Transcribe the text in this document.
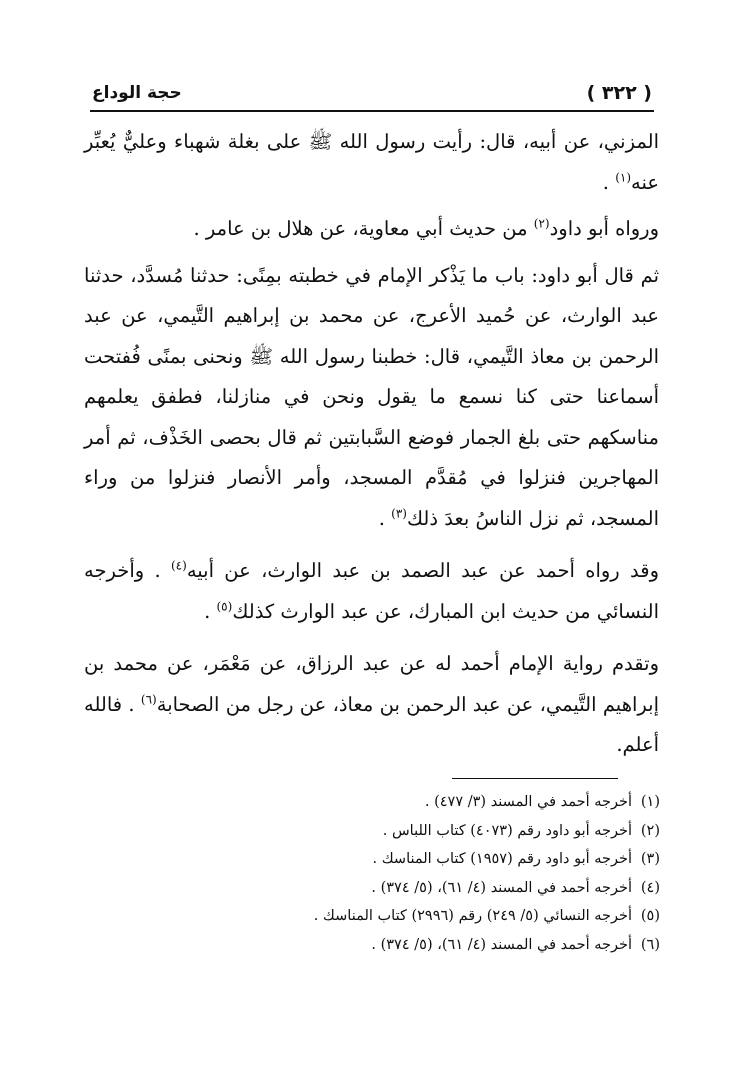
حجة الوداع	( ٣٢٢ )

المزني، عن أبيه، قال: رأيت رسول الله ﷺ على بغلة شهباء وعليٌّ يُعبِّر عنه$^{(١)}$ .

ورواه أبو داود$^{(٢)}$ من حديث أبي معاوية، عن هلال بن عامر .

ثم قال أبو داود: باب ما يَذْكر الإمام في خطبته بمِنًى: حدثنا مُسدَّد، حدثنا عبد الوارث، عن حُميد الأعرج، عن محمد بن إبراهيم التَّيمي، عن عبد الرحمن بن معاذ التَّيمي، قال: خطبنا رسول الله ﷺ ونحنى بمنًى فُفتحت أسماعنا حتى كنا نسمع ما يقول ونحن في منازلنا، فطفق يعلمهم مناسكهم حتى بلغ الجمار فوضع السَّبابتين ثم قال بحصى الخَذْف، ثم أمر المهاجرين فنزلوا في مُقدَّم المسجد، وأمر الأنصار فنزلوا من وراء المسجد، ثم نزل الناسُ بعدَ ذلك$^{(٣)}$ .

وقد رواه أحمد عن عبد الصمد بن عبد الوارث، عن أبيه$^{(٤)}$ . وأخرجه النسائي من حديث ابن المبارك، عن عبد الوارث كذلك$^{(٥)}$ .

وتقدم رواية الإمام أحمد له عن عبد الرزاق، عن مَعْمَر، عن محمد بن إبراهيم التَّيمي، عن عبد الرحمن بن معاذ، عن رجل من الصحابة$^{(٦)}$ . فالله أعلم.

(١)أخرجه أحمد في المسند (٣/ ٤٧٧) .
(٢)أخرجه أبو داود رقم (٤٠٧٣) كتاب اللباس .
(٣)أخرجه أبو داود رقم (١٩٥٧) كتاب المناسك .
(٤)أخرجه أحمد في المسند (٤/ ٦١)، (٥/ ٣٧٤) .
(٥)أخرجه النسائي (٥/ ٢٤٩) رقم (٢٩٩٦) كتاب المناسك .
(٦)أخرجه أحمد في المسند (٤/ ٦١)، (٥/ ٣٧٤) .
